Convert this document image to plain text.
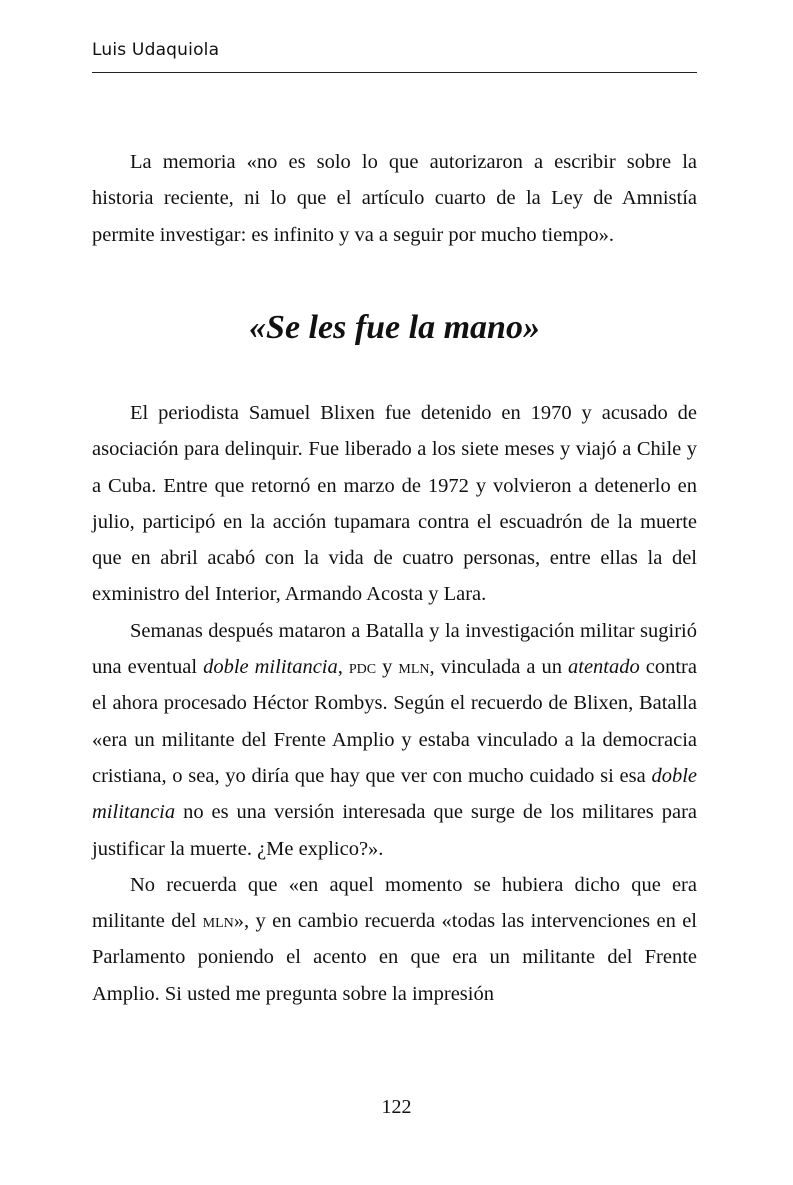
Luis Udaquiola

La memoria «no es solo lo que autorizaron a escribir sobre la historia reciente, ni lo que el artículo cuarto de la Ley de Amnistía permite investigar: es infinito y va a seguir por mucho tiempo».

«Se les fue la mano»

El periodista Samuel Blixen fue detenido en 1970 y acusado de asociación para delinquir. Fue liberado a los siete meses y viajó a Chile y a Cuba. Entre que retornó en marzo de 1972 y volvieron a detenerlo en julio, participó en la acción tupamara contra el escuadrón de la muerte que en abril acabó con la vida de cuatro personas, entre ellas la del exministro del Interior, Armando Acosta y Lara.

Semanas después mataron a Batalla y la investigación militar sugirió una eventual doble militancia, pdc y mln, vinculada a un atentado contra el ahora procesado Héctor Rombys. Según el recuerdo de Blixen, Batalla «era un militante del Frente Amplio y estaba vinculado a la democracia cristiana, o sea, yo diría que hay que ver con mucho cuidado si esa doble militancia no es una versión interesada que surge de los militares para justificar la muerte. ¿Me explico?».

No recuerda que «en aquel momento se hubiera dicho que era militante del mln», y en cambio recuerda «todas las intervenciones en el Parlamento poniendo el acento en que era un militante del Frente Amplio. Si usted me pregunta sobre la impresión

122
